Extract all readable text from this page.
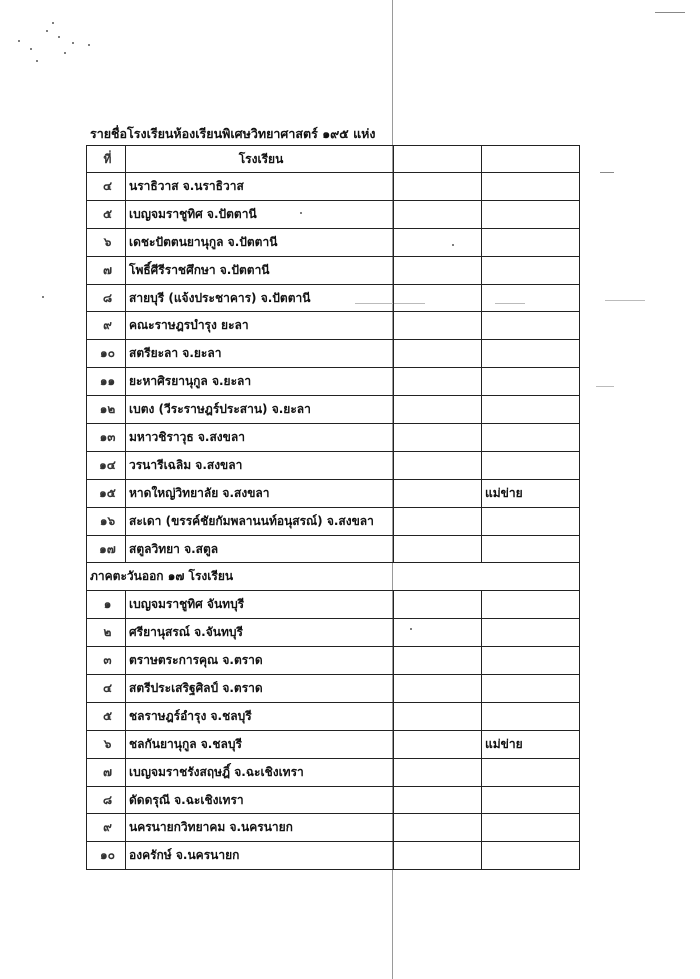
รายชื่อโรงเรียนห้องเรียนพิเศษวิทยาศาสตร์ ๑๙๕ แห่ง
ที่	โรงเรียน		
๔	นราธิวาส จ.นราธิวาส		
๕	เบญจมราชูทิศ จ.ปัตตานี		
๖	เดชะปัตตนยานุกูล จ.ปัตตานี		
๗	โพธิ์ศีรีราชศึกษา จ.ปัตตานี		
๘	สายบุรี (แจ้งประชาคาร) จ.ปัตตานี		
๙	คณะราษฎรบำรุง ยะลา		
๑๐	สตรียะลา จ.ยะลา		
๑๑	ยะหาศิรยานุกูล จ.ยะลา		
๑๒	เบตง (วีระราษฎร์ประสาน) จ.ยะลา		
๑๓	มหาวชิราวุธ จ.สงขลา		
๑๔	วรนารีเฉลิม จ.สงขลา		
๑๕	หาดใหญ่วิทยาลัย จ.สงขลา		แม่ข่าย
๑๖	สะเดา (ขรรค์ชัยกัมพลานนท์อนุสรณ์) จ.สงขลา		
๑๗	สตูลวิทยา จ.สตูล		
ภาคตะวันออก ๑๗ โรงเรียน			
๑	เบญจมราชูทิศ จันทบุรี		
๒	ศรียานุสรณ์ จ.จันทบุรี		
๓	ตราษตระการคุณ จ.ตราด		
๔	สตรีประเสริฐศิลป์ จ.ตราด		
๕	ชลราษฎร์อำรุง จ.ชลบุรี		
๖	ชลกันยานุกูล จ.ชลบุรี		แม่ข่าย
๗	เบญจมราชรังสฤษฎิ์ จ.ฉะเชิงเทรา		
๘	ดัดดรุณี จ.ฉะเชิงเทรา		
๙	นครนายกวิทยาคม จ.นครนายก		
๑๐	องครักษ์ จ.นครนายก		
